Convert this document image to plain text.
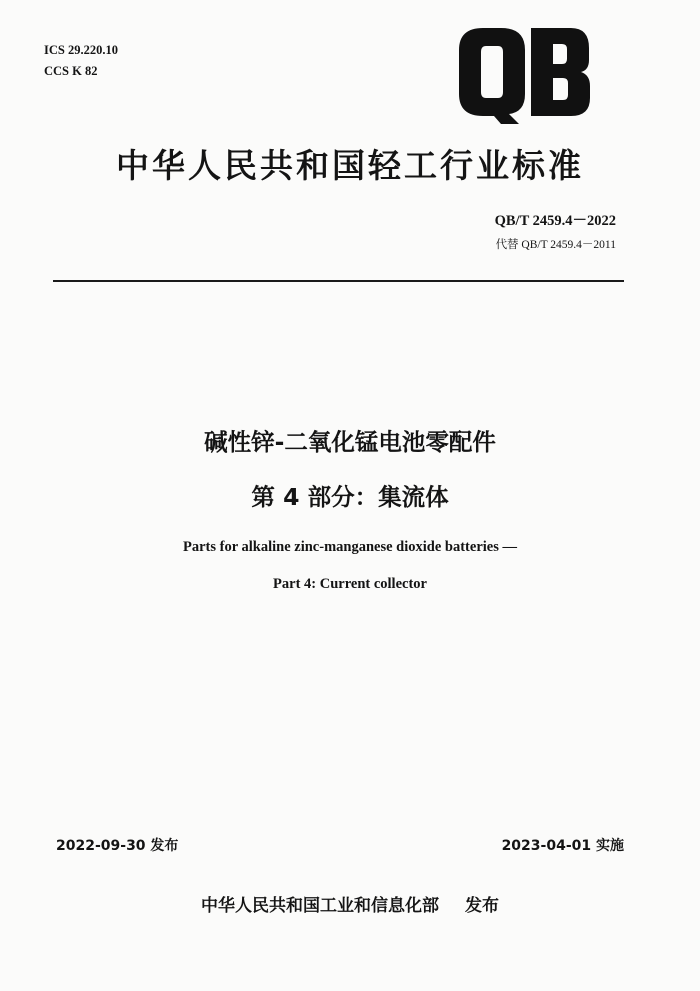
ICS 29.220.10
CCS K 82
中华人民共和国轻工行业标准
QB/T 2459.4－2022
代替 QB/T 2459.4－2011
碱性锌-二氧化锰电池零配件
第 4 部分：集流体
Parts for alkaline zinc-manganese dioxide batteries —
Part 4: Current collector
2022-09-30 发布	2023-04-01 实施
中华人民共和国工业和信息化部 发布
